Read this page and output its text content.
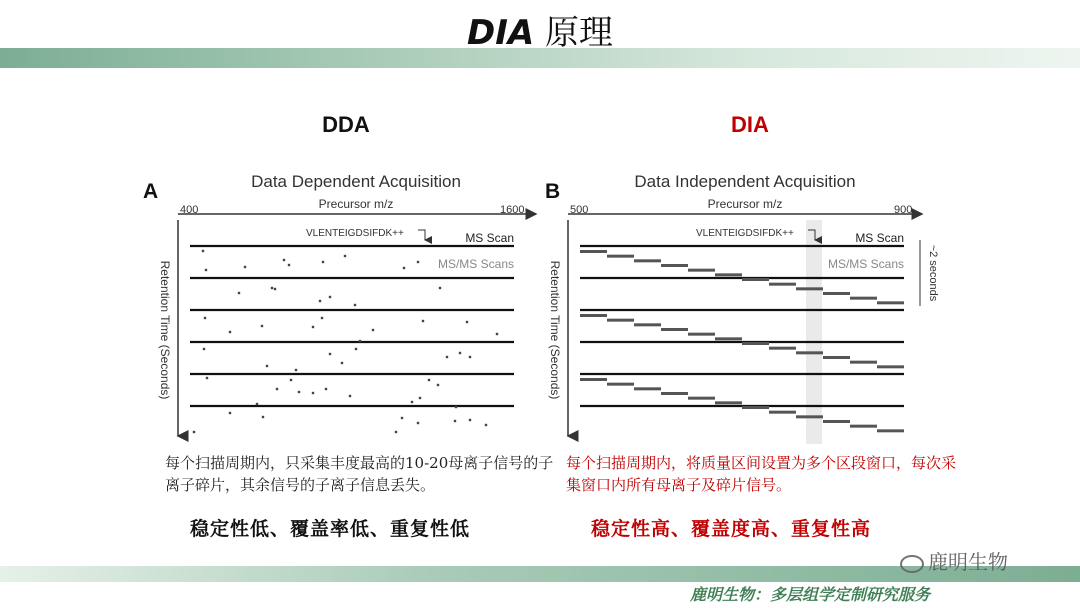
DIA 原理
DDA	DIA
A	B
Data Dependent Acquisition
Precursor m/z
400	1600
Retention Time (Seconds)
VLENTEIGDSIFDK++	MS Scan
MS/MS Scans
Data Independent Acquisition
Precursor m/z
500	900
Retention Time (Seconds)
VLENTEIGDSIFDK++	MS Scan
MS/MS Scans ~2 seconds
每个扫描周期内，只采集丰度最高的10-20母离子信号的子离子碎片，其余信号的子离子信息丢失。
每个扫描周期内，将质量区间设置为多个区段窗口，每次采集窗口内所有母离子及碎片信号。
稳定性低、覆盖率低、重复性低	稳定性高、覆盖度高、重复性高
鹿明生物
鹿明生物：多层组学定制研究服务
